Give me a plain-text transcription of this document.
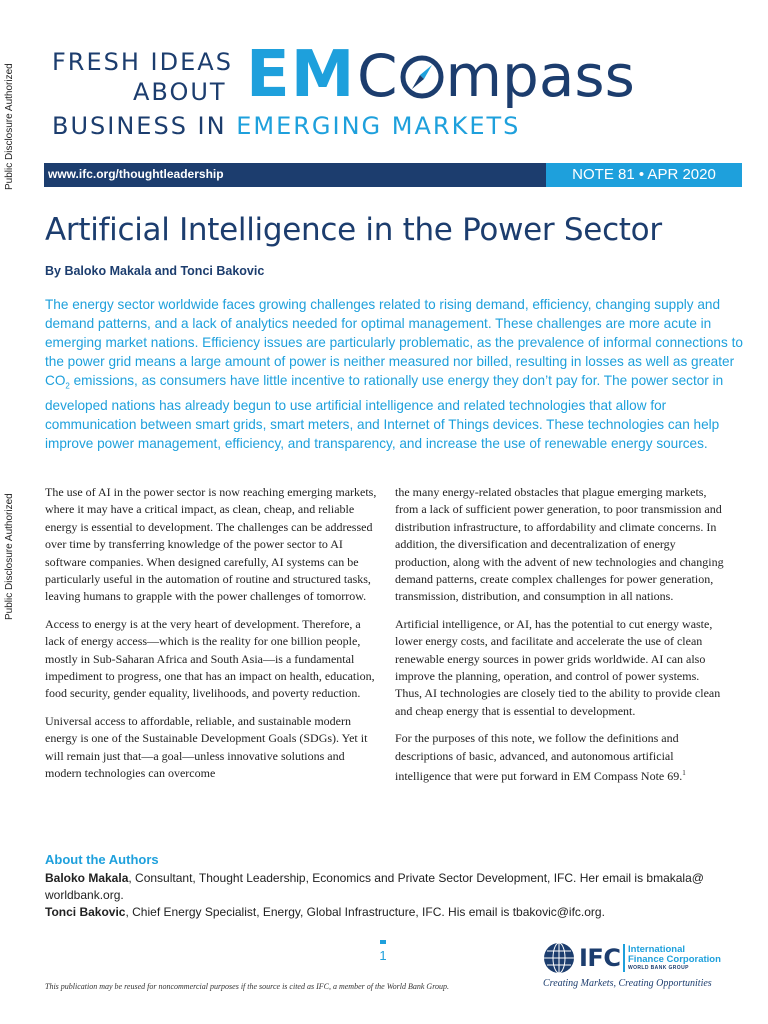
Public Disclosure Authorized
Public Disclosure Authorized
FRESH IDEAS
ABOUT EM C mpass
BUSINESS IN EMERGING MARKETS
www.ifc.org/thoughtleadership	NOTE 81 • APR 2020
Artificial Intelligence in the Power Sector
By Baloko Makala and Tonci Bakovic

The energy sector worldwide faces growing challenges related to rising demand, efficiency, changing supply and demand patterns, and a lack of analytics needed for optimal management. These challenges are more acute in emerging market nations. Efficiency issues are particularly problematic, as the prevalence of informal connections to the power grid means a large amount of power is neither measured nor billed, resulting in losses as well as greater $CO_2$ emissions, as consumers have little incentive to rationally use energy they don’t pay for. The power sector in developed nations has already begun to use artificial intelligence and related technologies that allow for communication between smart grids, smart meters, and Internet of Things devices. These technologies can help improve power management, efficiency, and transparency, and increase the use of renewable energy sources.

The use of AI in the power sector is now reaching emerging markets, where it may have a critical impact, as clean, cheap, and reliable energy is essential to development. The challenges can be addressed over time by transferring knowledge of the power sector to AI software companies. When designed carefully, AI systems can be particularly useful in the automation of routine and structured tasks, leaving humans to grapple with the power challenges of tomorrow.

Access to energy is at the very heart of development. Therefore, a lack of energy access—which is the reality for one billion people, mostly in Sub-Saharan Africa and South Asia—is a fundamental impediment to progress, one that has an impact on health, education, food security, gender equality, livelihoods, and poverty reduction.

Universal access to affordable, reliable, and sustainable modern energy is one of the Sustainable Development Goals (SDGs). Yet it will remain just that—a goal—unless innovative solutions and modern technologies can overcome

the many energy-related obstacles that plague emerging markets, from a lack of sufficient power generation, to poor transmission and distribution infrastructure, to affordability and climate concerns. In addition, the diversification and decentralization of energy production, along with the advent of new technologies and changing demand patterns, create complex challenges for power generation, transmission, distribution, and consumption in all nations.

Artificial intelligence, or AI, has the potential to cut energy waste, lower energy costs, and facilitate and accelerate the use of clean renewable energy sources in power grids worldwide. AI can also improve the planning, operation, and control of power systems. Thus, AI technologies are closely tied to the ability to provide clean and cheap energy that is essential to development.

For the purposes of this note, we follow the definitions and descriptions of basic, advanced, and autonomous artificial intelligence that were put forward in EM Compass Note 69.$^1$

About the Authors
Baloko Makala, Consultant, Thought Leadership, Economics and Private Sector Development, IFC. Her email is bmakala@ worldbank.org.
Tonci Bakovic, Chief Energy Specialist, Energy, Global Infrastructure, IFC. His email is tbakovic@ifc.org.
1
This publication may be reused for noncommercial purposes if the source is cited as IFC, a member of the World Bank Group.
IFC International
Finance Corporation
WORLD BANK GROUP
Creating Markets, Creating Opportunities
